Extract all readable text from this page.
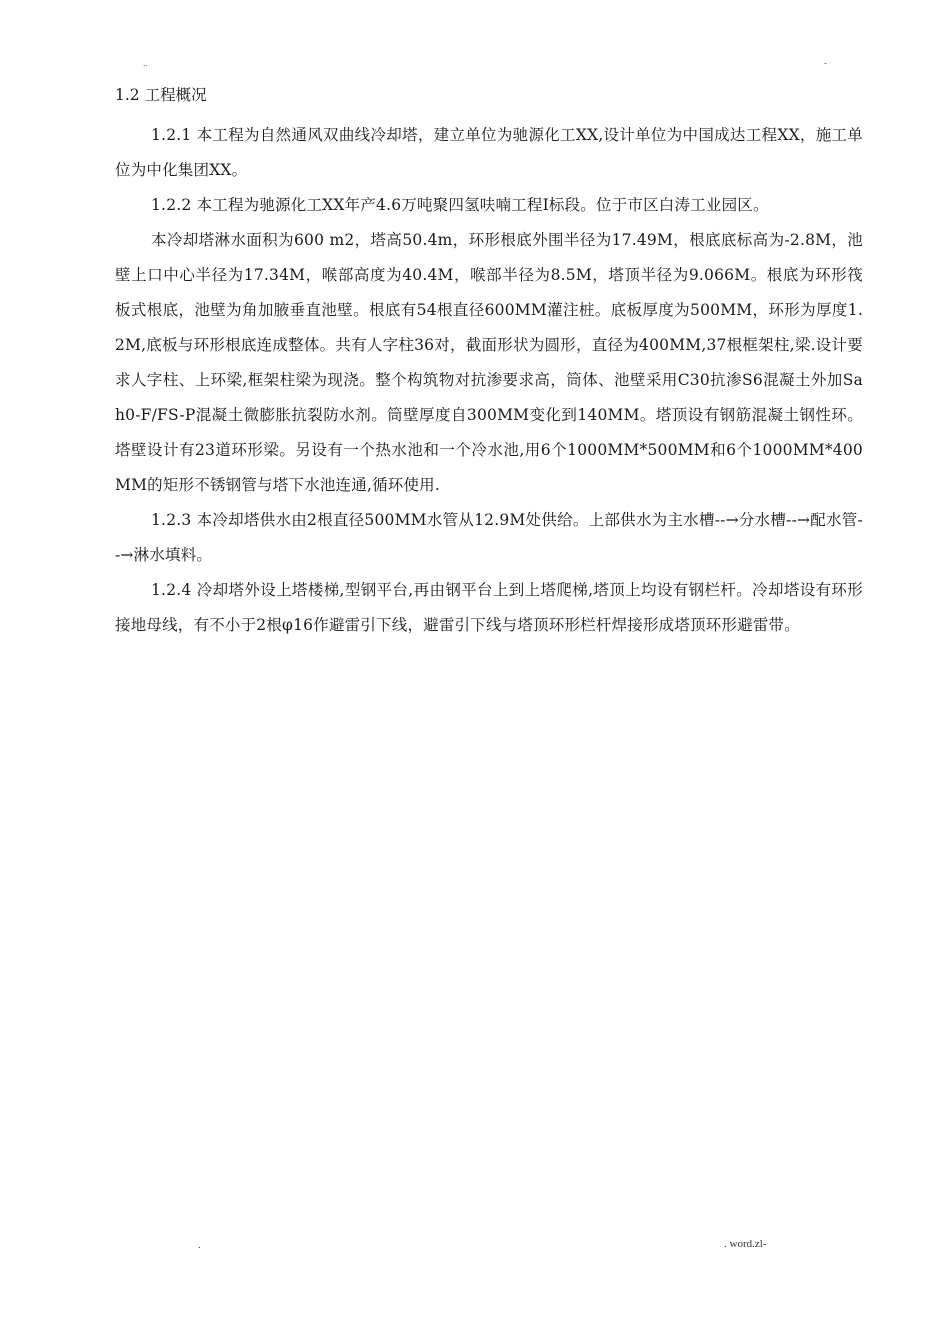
..	-
1.2 工程概况

1.2.1 本工程为自然通风双曲线冷却塔，建立单位为驰源化工XX,设计单位为中国成达工程XX，施工单位为中化集团XX。

1.2.2 本工程为驰源化工XX年产4.6万吨聚四氢呋喃工程Ⅰ标段。位于市区白涛工业园区。

本冷却塔淋水面积为600 m2，塔高50.4m，环形根底外围半径为17.49M，根底底标高为-2.8M，池壁上口中心半径为17.34M，喉部高度为40.4M，喉部半径为8.5M，塔顶半径为9.066M。根底为环形筏板式根底，池壁为角加腋垂直池壁。根底有54根直径600MM灌注桩。底板厚度为500MM，环形为厚度1.2M,底板与环形根底连成整体。共有人字柱36对，截面形状为圆形，直径为400MM,37根框架柱,梁.设计要求人字柱、上环梁,框架柱梁为现浇。整个构筑物对抗渗要求高，筒体、池壁采用C30抗渗S6混凝土外加Sah0-F/FS-P混凝土微膨胀抗裂防水剂。筒壁厚度自300MM变化到140MM。塔顶设有钢筋混凝土钢性环。塔壁设计有23道环形梁。另设有一个热水池和一个冷水池,用6个1000MM*500MM和6个1000MM*400MM的矩形不锈钢管与塔下水池连通,循环使用.

1.2.3 本冷却塔供水由2根直径500MM水管从12.9M处供给。上部供水为主水槽--→分水槽--→配水管--→淋水填料。

1.2.4 冷却塔外设上塔楼梯,型钢平台,再由钢平台上到上塔爬梯,塔顶上均设有钢栏杆。冷却塔设有环形接地母线，有不小于2根φ16作避雷引下线，避雷引下线与塔顶环形栏杆焊接形成塔顶环形避雷带。

.	. word.zl-
